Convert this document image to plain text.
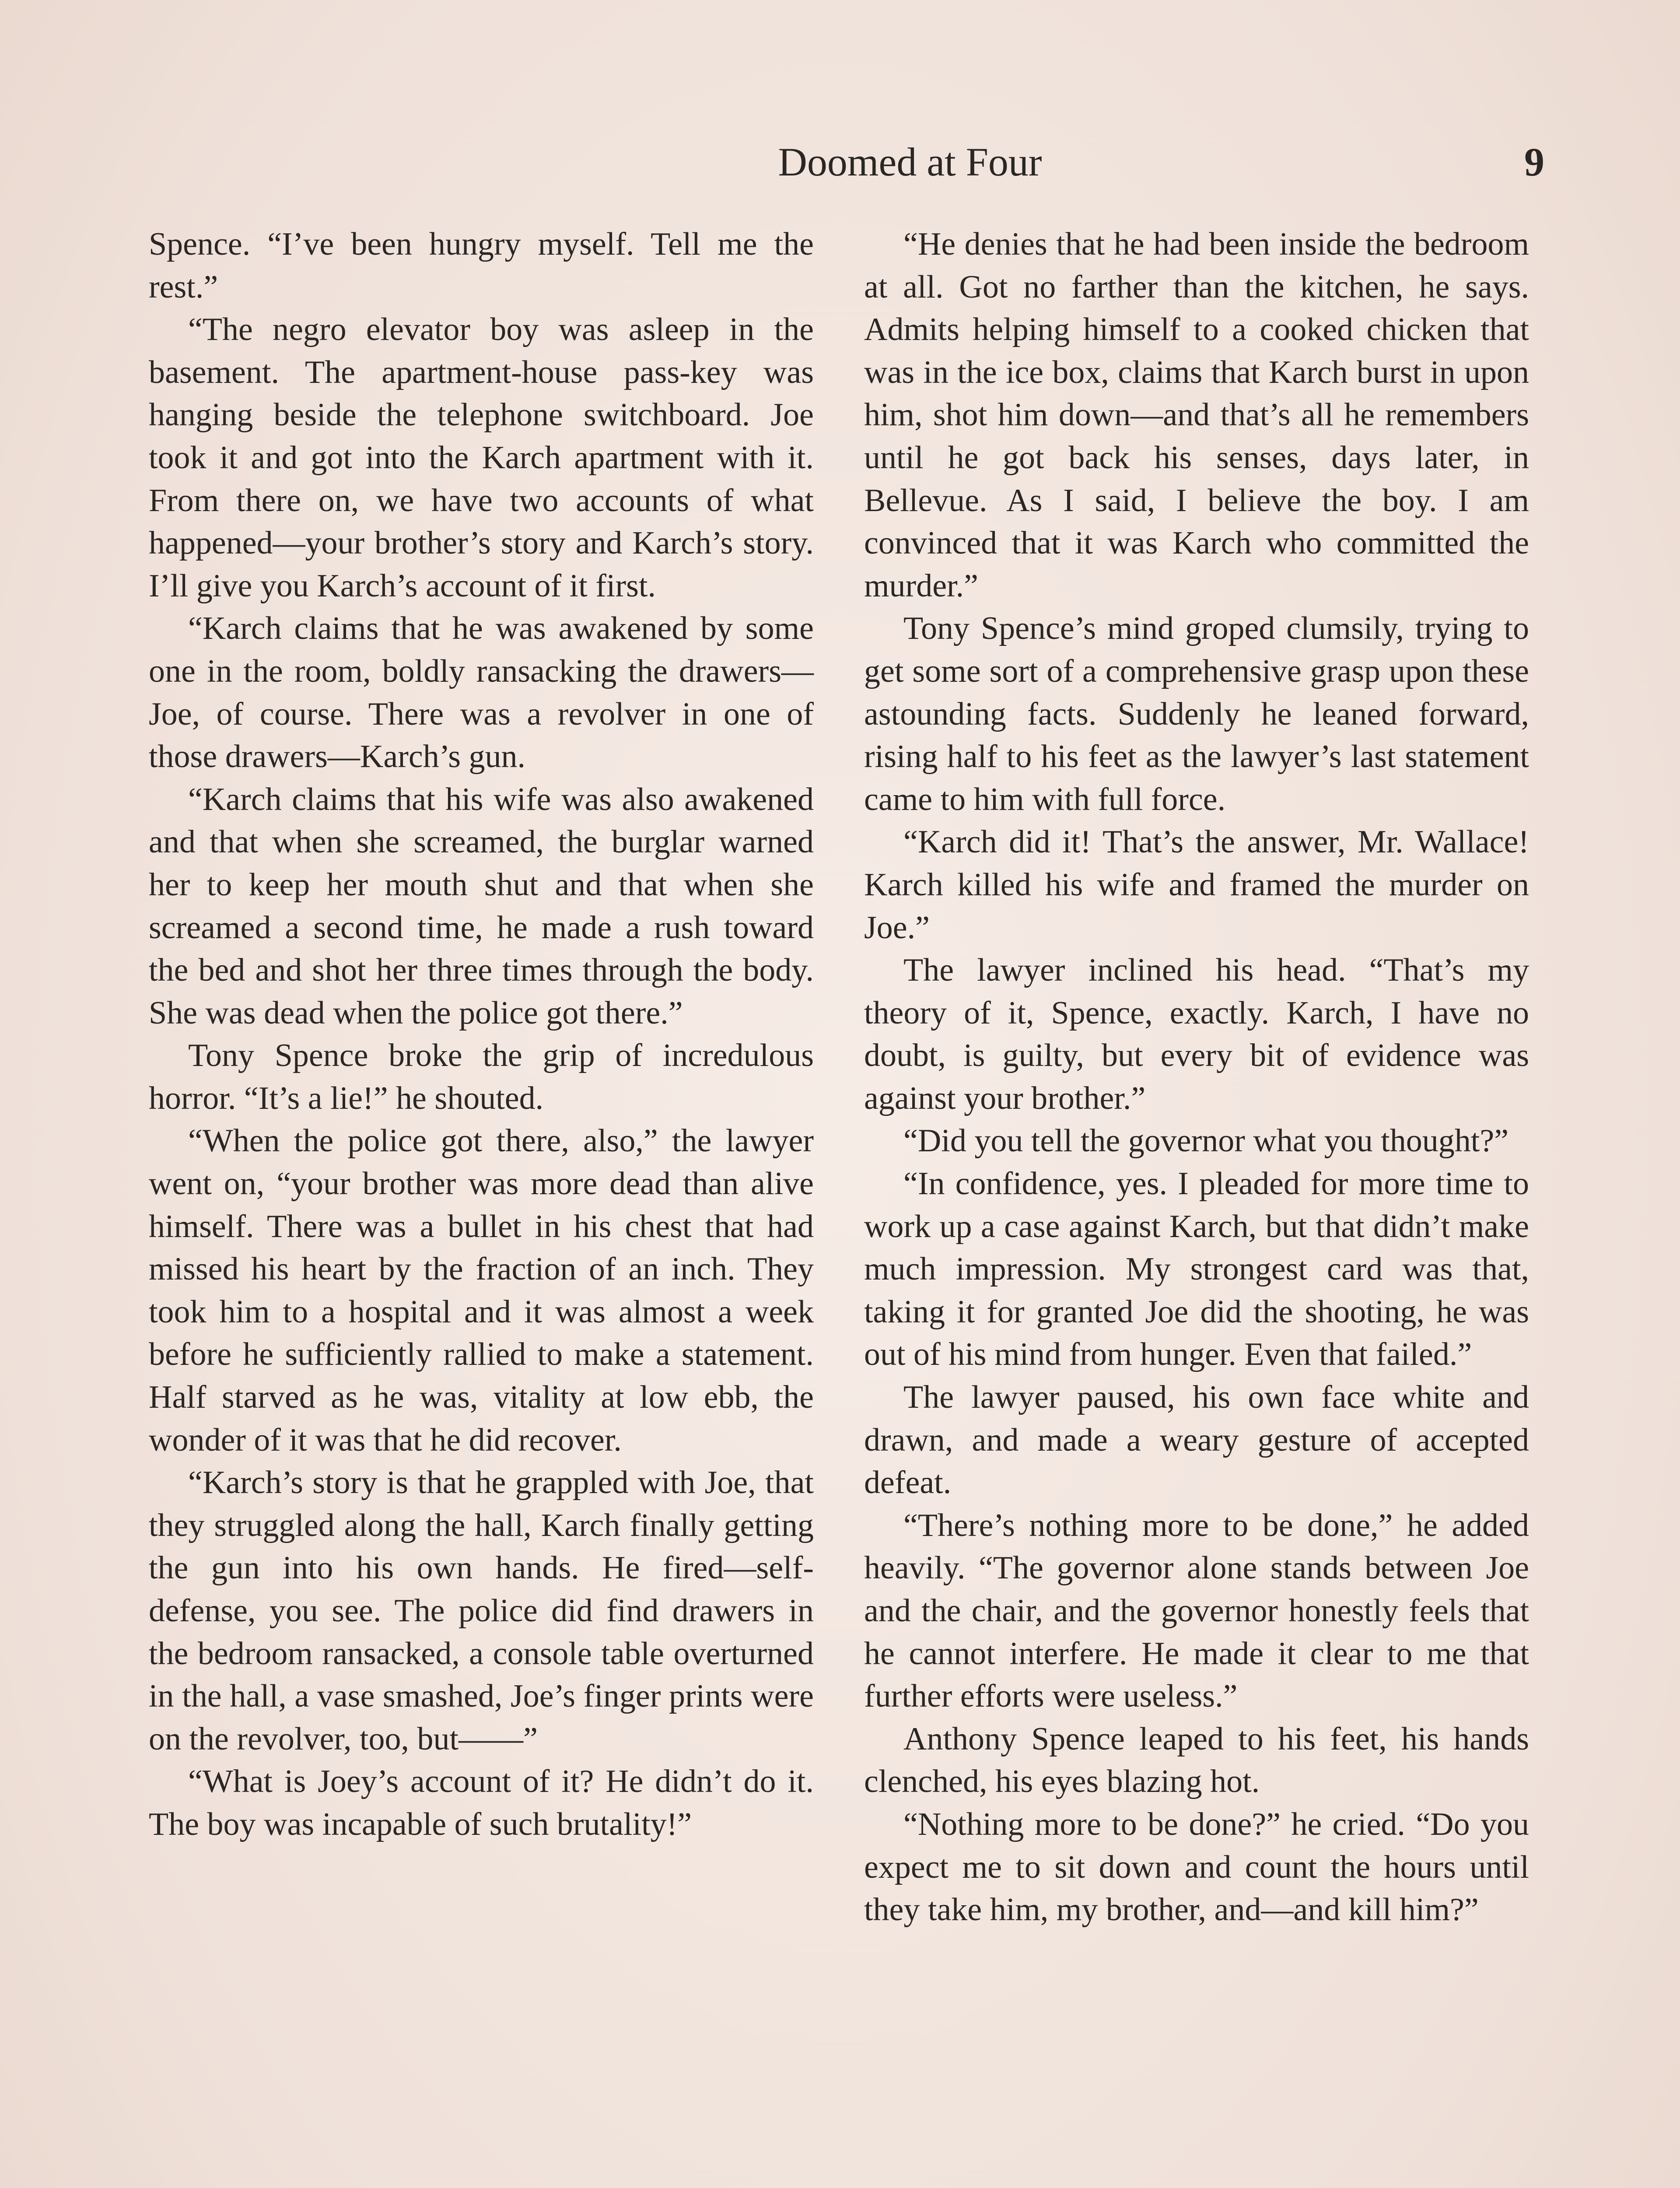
Doomed at Four	9

Spence. “I’ve been hungry myself. Tell me the rest.”

“The negro elevator boy was asleep in the basement. The apartment-house pass-key was hanging beside the telephone switchboard. Joe took it and got into the Karch apartment with it. From there on, we have two accounts of what happened—your brother’s story and Karch’s story. I’ll give you Karch’s account of it first.

“Karch claims that he was awakened by some one in the room, boldly ransacking the drawers—Joe, of course. There was a revolver in one of those drawers—Karch’s gun.

“Karch claims that his wife was also awakened and that when she screamed, the burglar warned her to keep her mouth shut and that when she screamed a second time, he made a rush toward the bed and shot her three times through the body. She was dead when the police got there.”

Tony Spence broke the grip of incredulous horror. “It’s a lie!” he shouted.

“When the police got there, also,” the lawyer went on, “your brother was more dead than alive himself. There was a bullet in his chest that had missed his heart by the fraction of an inch. They took him to a hospital and it was almost a week before he sufficiently rallied to make a statement. Half starved as he was, vitality at low ebb, the wonder of it was that he did recover.

“Karch’s story is that he grappled with Joe, that they struggled along the hall, Karch finally getting the gun into his own hands. He fired—self-defense, you see. The police did find drawers in the bedroom ransacked, a console table overturned in the hall, a vase smashed, Joe’s finger prints were on the revolver, too, but——”

“What is Joey’s account of it? He didn’t do it. The boy was incapable of such brutality!”

“He denies that he had been inside the bedroom at all. Got no farther than the kitchen, he says. Admits helping himself to a cooked chicken that was in the ice box, claims that Karch burst in upon him, shot him down—and that’s all he remembers until he got back his senses, days later, in Bellevue. As I said, I believe the boy. I am convinced that it was Karch who committed the murder.”

Tony Spence’s mind groped clumsily, trying to get some sort of a comprehensive grasp upon these astounding facts. Suddenly he leaned forward, rising half to his feet as the lawyer’s last statement came to him with full force.

“Karch did it! That’s the answer, Mr. Wallace! Karch killed his wife and framed the murder on Joe.”

The lawyer inclined his head. “That’s my theory of it, Spence, exactly. Karch, I have no doubt, is guilty, but every bit of evidence was against your brother.”

“Did you tell the governor what you thought?”

“In confidence, yes. I pleaded for more time to work up a case against Karch, but that didn’t make much impression. My strongest card was that, taking it for granted Joe did the shooting, he was out of his mind from hunger. Even that failed.”

The lawyer paused, his own face white and drawn, and made a weary gesture of accepted defeat.

“There’s nothing more to be done,” he added heavily. “The governor alone stands between Joe and the chair, and the governor honestly feels that he cannot interfere. He made it clear to me that further efforts were useless.”

Anthony Spence leaped to his feet, his hands clenched, his eyes blazing hot.

“Nothing more to be done?” he cried. “Do you expect me to sit down and count the hours until they take him, my brother, and—and kill him?”
